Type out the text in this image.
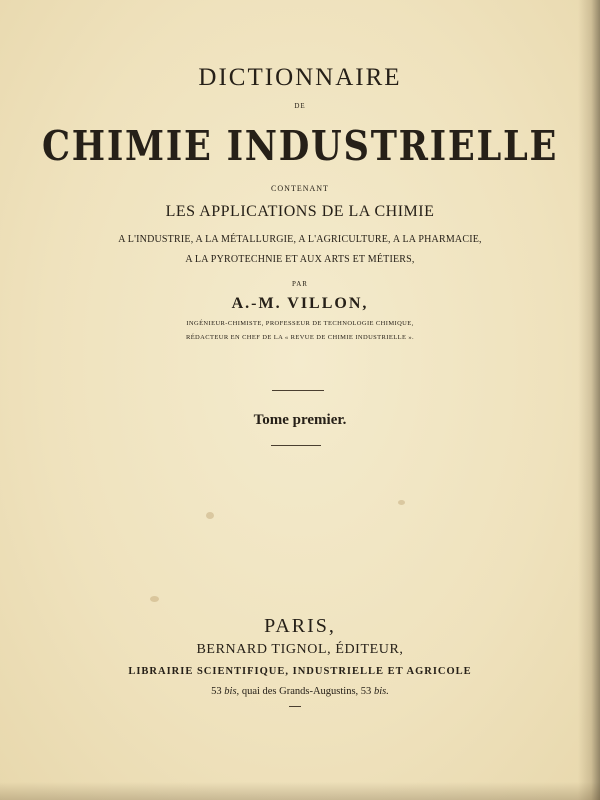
DICTIONNAIRE
DE
CHIMIE INDUSTRIELLE
CONTENANT
LES APPLICATIONS DE LA CHIMIE
A L'INDUSTRIE, A LA MÉTALLURGIE, A L'AGRICULTURE, A LA PHARMACIE,
A LA PYROTECHNIE ET AUX ARTS ET MÉTIERS,
PAR
A.-M. VILLON,
INGÉNIEUR-CHIMISTE, PROFESSEUR DE TECHNOLOGIE CHIMIQUE,
RÉDACTEUR EN CHEF DE LA « REVUE DE CHIMIE INDUSTRIELLE ».
Tome premier.
PARIS,
BERNARD TIGNOL, ÉDITEUR,
LIBRAIRIE SCIENTIFIQUE, INDUSTRIELLE ET AGRICOLE
53 bis, quai des Grands-Augustins, 53 bis.
